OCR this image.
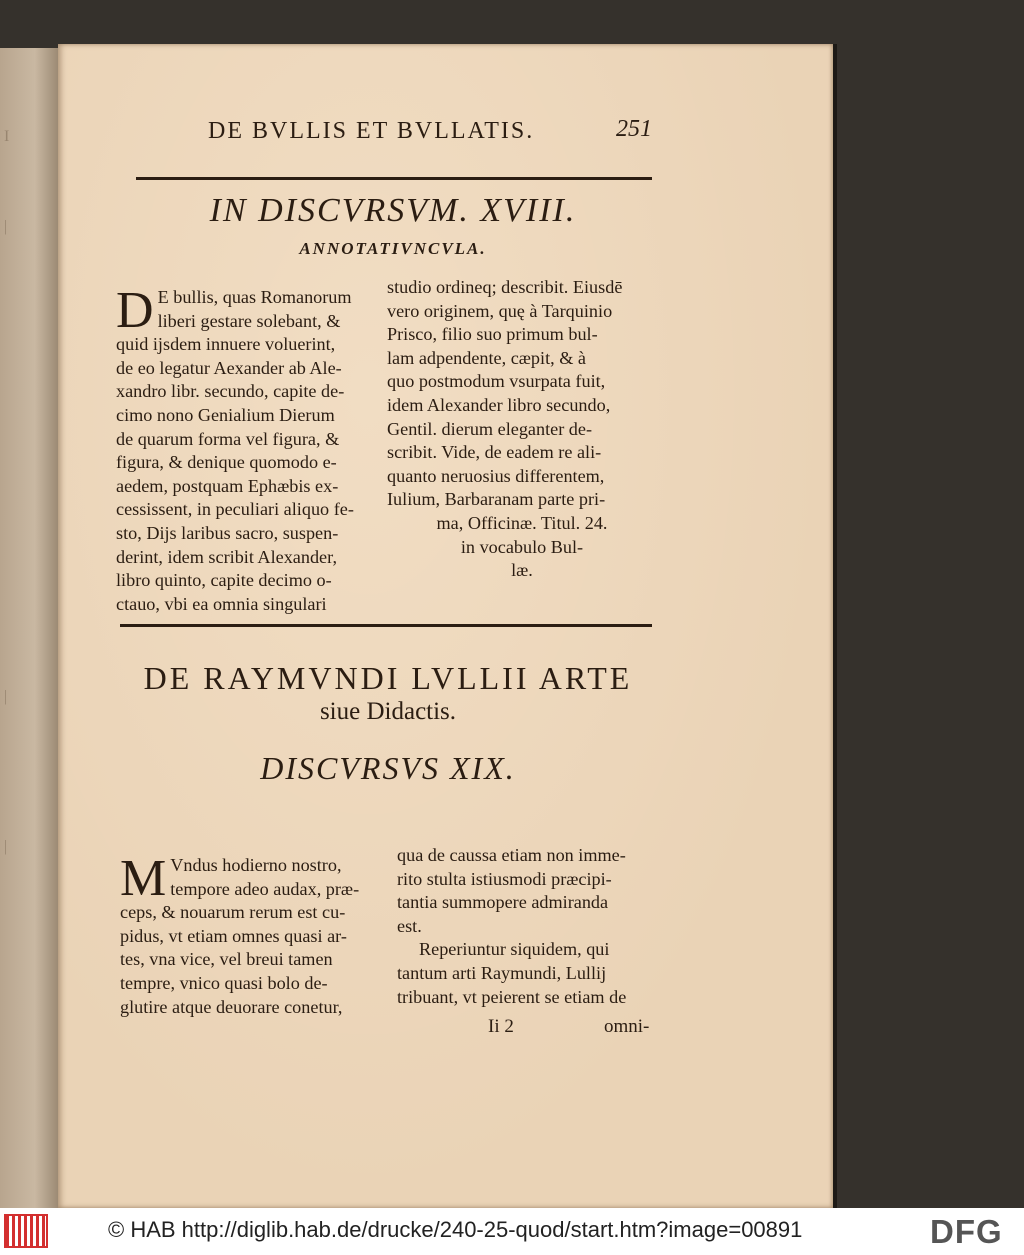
I
|
|
|
DE BVLLIS ET BVLLATIS.	251
IN DISCVRSVM. XVIII.
ANNOTATIVNCVLA.
D E bullis, quas Romanorum
liberi gestare solebant, &
quid ijsdem innuere voluerint,
de eo legatur Aexander ab Ale-
xandro libr. secundo, capite de-
cimo nono Genialium Dierum
de quarum forma vel figura, &
figura, & denique quomodo e-
aedem, postquam Ephæbis ex-
cessissent, in peculiari aliquo fe-
sto, Dijs laribus sacro, suspen-
derint, idem scribit Alexander,
libro quinto, capite decimo o-
ctauo, vbi ea omnia singulari
studio ordineq; describit. Eiusdē
vero originem, quę à Tarquinio
Prisco, filio suo primum bul-
lam adpendente, cæpit, & à
quo postmodum vsurpata fuit,
idem Alexander libro secundo,
Gentil. dierum eleganter de-
scribit. Vide, de eadem re ali-
quanto neruosius differentem,
Iulium, Barbaranam parte pri-
ma, Officinæ. Titul. 24.
in vocabulo Bul-
læ.
DE RAYMVNDI LVLLII ARTE
siue Didactis.
DISCVRSVS XIX.
M Vndus hodierno nostro,
tempore adeo audax, præ-
ceps, & nouarum rerum est cu-
pidus, vt etiam omnes quasi ar-
tes, vna vice, vel breui tamen
tempre, vnico quasi bolo de-
glutire atque deuorare conetur,
qua de caussa etiam non imme-
rito stulta istiusmodi præcipi-
tantia summopere admiranda
est.
Reperiuntur siquidem, qui
tantum arti Raymundi, Lullij
tribuant, vt peierent se etiam de
Ii 2	omni-
© HAB http://diglib.hab.de/drucke/240-25-quod/start.htm?image=00891	DFG
